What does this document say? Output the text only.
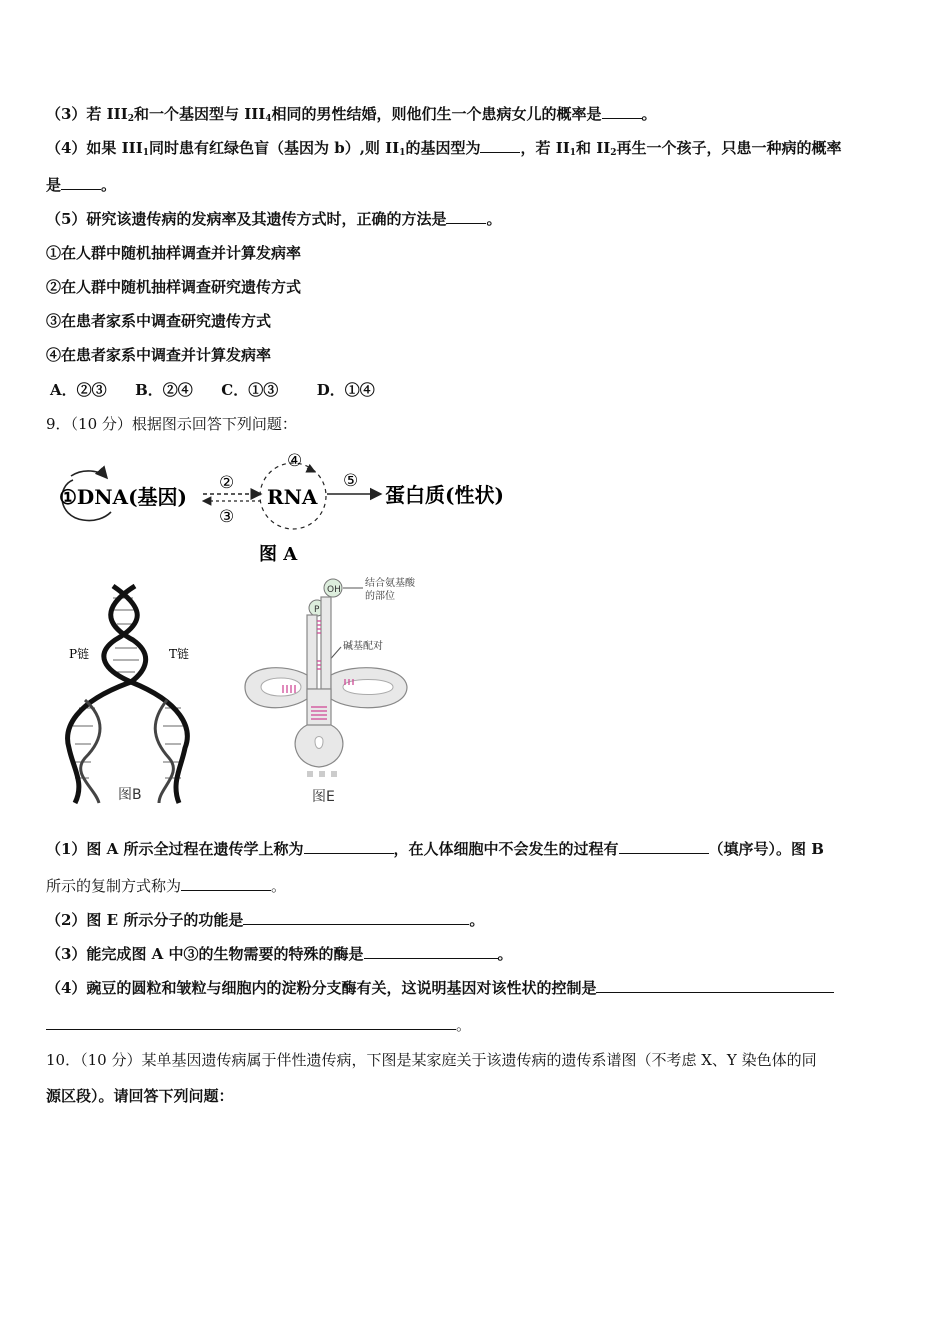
（3）若 $III_2$和一个基因型与 $III_4$相同的男性结婚，则他们生一个患病女儿的概率是	。
（4）如果 $III_1$同时患有红绿色盲（基因为 b）,则 $II_1$的基因型为	，若 $II_1$和 $II_2$再生一个孩子，只患一种病的概率
是	。
（5）研究该遗传病的发病率及其遗传方式时，正确的方法是	。
①在人群中随机抽样调查并计算发病率
②在人群中随机抽样调查研究遗传方式
③在患者家系中调查研究遗传方式
④在患者家系中调查并计算发病率
A．②③ B．②④ C．①③	D．①④
9．（10 分）根据图示回答下列问题：
①DNA(基因)
②
③
④
RNA
⑤
蛋白质(性状)
图 A
P链	T链
图B
OH
P
结合氨基酸
的部位
碱基配对
图E
（1）图 A 所示全过程在遗传学上称为	，在人体细胞中不会发生的过程有	（填序号）。图 B
所示的复制方式称为	。
（2）图 E 所示分子的功能是	。
（3）能完成图 A 中③的生物需要的特殊的酶是	。
（4）豌豆的圆粒和皱粒与细胞内的淀粉分支酶有关，这说明基因对该性状的控制是
。
10．（10 分）某单基因遗传病属于伴性遗传病，下图是某家庭关于该遗传病的遗传系谱图（不考虑 X、Y 染色体的同
源区段）。请回答下列问题：
